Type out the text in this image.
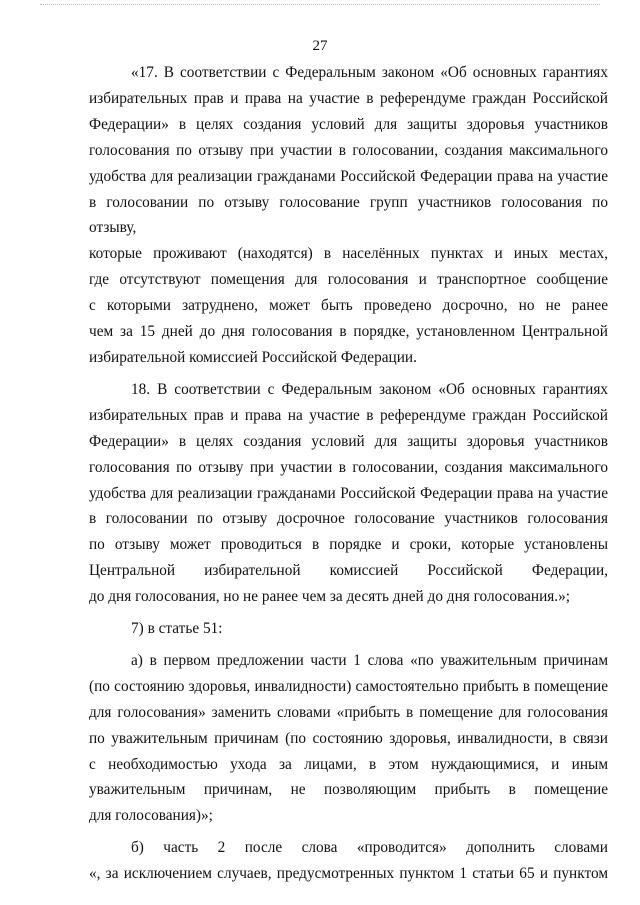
27
«17. В соответствии с Федеральным законом «Об основных гарантиях
избирательных прав и права на участие в референдуме граждан Российской
Федерации» в целях создания условий для защиты здоровья участников
голосования по отзыву при участии в голосовании, создания максимального
удобства для реализации гражданами Российской Федерации права на участие
в голосовании по отзыву голосование групп участников голосования по отзыву,
которые проживают (находятся) в населённых пунктах и иных местах,
где отсутствуют помещения для голосования и транспортное сообщение
с которыми затруднено, может быть проведено досрочно, но не ранее
чем за 15 дней до дня голосования в порядке, установленном Центральной
избирательной комиссией Российской Федерации.
18. В соответствии с Федеральным законом «Об основных гарантиях
избирательных прав и права на участие в референдуме граждан Российской
Федерации» в целях создания условий для защиты здоровья участников
голосования по отзыву при участии в голосовании, создания максимального
удобства для реализации гражданами Российской Федерации права на участие
в голосовании по отзыву досрочное голосование участников голосования
по отзыву может проводиться в порядке и сроки, которые установлены
Центральной избирательной комиссией Российской Федерации,
до дня голосования, но не ранее чем за десять дней до дня голосования.»;
7) в статье 51:
а) в первом предложении части 1 слова «по уважительным причинам
(по состоянию здоровья, инвалидности) самостоятельно прибыть в помещение
для голосования» заменить словами «прибыть в помещение для голосования
по уважительным причинам (по состоянию здоровья, инвалидности, в связи
с необходимостью ухода за лицами, в этом нуждающимися, и иным
уважительным причинам, не позволяющим прибыть в помещение
для голосования)»;
б) часть 2 после слова «проводится» дополнить словами
«, за исключением случаев, предусмотренных пунктом 1 статьи 65 и пунктом
